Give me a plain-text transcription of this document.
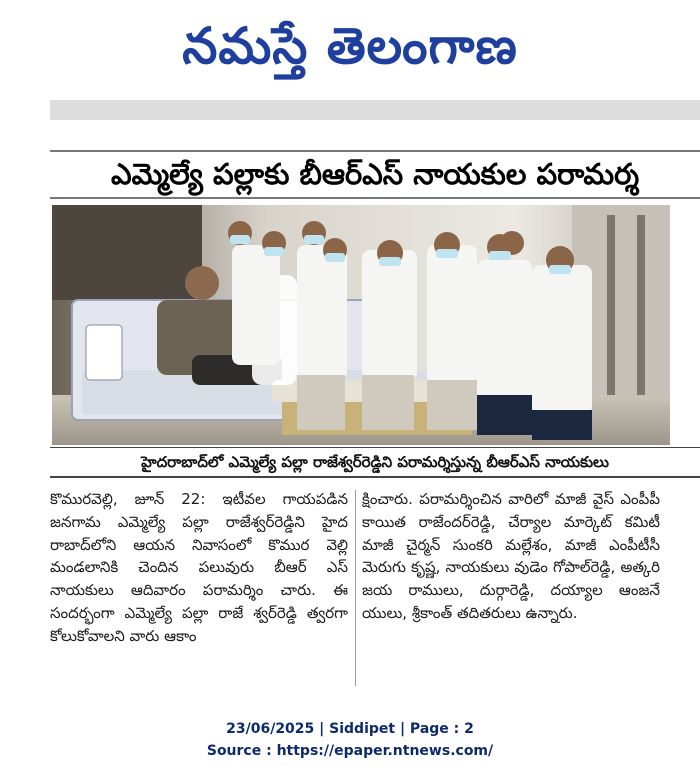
నమస్తే తెలంగాణ
ఎమ్మెల్యే పల్లాకు బీఆర్ఎస్ నాయకుల పరామర్శ
హైదరాబాద్‌లో ఎమ్మెల్యే పల్లా రాజేశ్వర్‌రెడ్డిని పరామర్శిస్తున్న బీఆర్ఎస్ నాయకులు
కొమురవెల్లి, జూన్ 22: ఇటీవల గాయపడిన జనగామ ఎమ్మెల్యే పల్లా రాజేశ్వర్‌రెడ్డిని హైద రాబాద్‌లోని ఆయన నివాసంలో కొముర వెల్లి మండలానికి చెందిన పలువురు బీఆర్ ఎస్ నాయకులు ఆదివారం పరామర్శిం చారు. ఈ సందర్భంగా ఎమ్మెల్యే పల్లా రాజే శ్వర్‌రెడ్డి త్వరగా కోలుకోవాలని వారు ఆకాం
క్షించారు. పరామర్శించిన వారిలో మాజీ వైస్ ఎంపీపీ కాయిత రాజేందర్‌రెడ్డి, చేర్యాల మార్కెట్ కమిటీ మాజీ చైర్మన్ సుంకరి మల్లేశం, మాజీ ఎంపీటీసీ మెరుగు కృష్ణ, నాయకులు వుడెం గోపాల్‌రెడ్డి, అత్కరి జయ రాములు, దుర్గారెడ్డి, దయ్యాల ఆంజనే యులు, శ్రీకాంత్ తదితరులు ఉన్నారు.
23/06/2025 | Siddipet | Page : 2
Source : https://epaper.ntnews.com/
